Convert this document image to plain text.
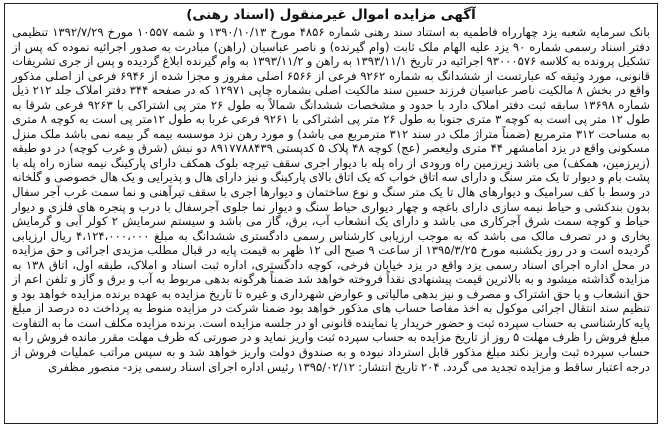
آگهی مزایده اموال غیرمنقول (اسناد رهنی)

بانک سرمایه شعبه یزد چهارراه فاطمیه به استناد سند رهنی شماره ۴۸۵۶ مورخ ۱۳۹۰/۱۰/۱۳ و شمه ۱۰۵۵۷ مورخ ۱۳۹۲/۷/۲۹ تنظیمی دفتر اسناد رسمی شماره ۹۰ یزد علیه الهام ملک ثابت (وام گیرنده) و ناصر عباسیان (راهن) مبادرت به صدور اجرائیه نموده که پس از تشکیل پرونده به کلاسه ۹۳۰۰۰۵۷۶ اجرائیه در تاریخ ۱۳۹۳/۱۱/۱ به راهن و ۱۳۹۳/۱۱/۲ به وام گیرنده ابلاغ گردیده و پس از جری تشریفات قانونی، مورد وثیقه که عبارتست از ششدانگ به شماره ۹۲۶۲ فرعی از ۶۵۶۶ اصلی مفروز و مجزا شده از ۶۹۴۶ فرعی از اصلی مذکور واقع در بخش ۸ مالکیت ناصر عباسیان فرزند حسین سند مالکیت اصلی بشماره چاپی ۱۲۹۷۱ که در صفحه ۳۴۴ دفتر املاک جلد ۲۱۲ ذیل شماره ۱۳۶۹۸ سابقه ثبت دفتر املاک دارد با حدود و مشخصات ششدانگ شمالاً به طول ۲۶ متر پی اشتراکی با ۹۲۶۳ فرعی شرقا به طول ۱۲ متر پی است به کوچه ۳ متری جنوبا به طول ۲۶ متر پی اشتراکی با ۹۲۶۱ فرعی غربا به طول ۱۲متر پی است به کوچه ۸ متری به مساحت ۳۱۲ مترمربع (ضمناً متراژ ملک در سند ۳۱۲ مترمربع می باشد) و مورد رهن نزد موسسه بیمه گر بیمه نمی باشد ملک منزل مسکونی واقع در یزد امامشهر ۴۴ متری ولیعصر (عج) کوچه ۴۸ پلاک ۵ کدپستی ۸۹۱۷۷۸۸۴۳۹ دو نبش (شرق و غرب کوچه) در دو طبقه (زیرزمین، همکف) می باشد زیرزمین راه ورودی از راه پله با دیوار اجری سقف تیرچه بلوک همکف دارای پارکینگ نیمه سازه راه پله با پشت بام و دیوار تا یک متر سنگ و دارای سه اتاق خواب که یک اتاق بالای پارکینگ و نیز دارای هال و پذیرایی و یک هال خصوصی و گلخانه در وسط با کف سرامیک و دیوارهای هال تا یک متر سنگ و نوع ساختمان و دیوارها اجری با سقف تیرآهنی و نما سمت غرب آجر سفال بدون بندکشی و حیاط نیمه سازی دارای باغچه و چهار دیواری حیاط سنگ و دیوار نما جلوی آجرسفال با درب و پنجره های فلزی و دیوار حیاط و کوچه سمت شرق آجرکاری می باشد و دارای یک انشعاب آب، برق، گاز می باشد و سیستم سرمایش ۲ کولر آبی و گرمایش بخاری و در تصرف مالک می باشد که به موجب ارزیابی کارشناس رسمی دادگستری ششدانگ به مبلغ ۴،۱۲۴،۰۰۰،۰۰۰ ریال ارزیابی گردیده است و در روز یکشنبه مورخ ۱۳۹۵/۳/۲۵ از ساعت ۹ صبح الی ۱۲ ظهر به قیمت پایه در قبال مطلب مزیدی اجرائی و حق مزایده در محل اداره اجرای اسناد رسمی یزد واقع در یزد خیابان فرخی، کوچه دادگستری، اداره ثبت اسناد و املاک، طبقه اول، اتاق ۱۳۸ به مزایده گذاشته میشود و به بالاترین قیمت پیشنهادی نقداً فروخته خواهد شد ضمناً هرگونه بدهی مربوط به آب و برق و گاز و تلفن اعم از حق انشعاب و یا حق اشتراک و مصرف و نیز بدهی مالیاتی و عوارض شهرداری و غیره تا تاریخ مزایده به عهده برنده مزایده خواهد بود و تنظیم سند انتقال اجرائی موکول به اخذ مفاصا حساب های مذکور خواهد بود ضمنا شرکت در مزایده منوط به پرداخت ده درصد از مبلغ پایه کارشناسی به حساب سپرده ثبت و حضور خریدار یا نماینده قانونی او در جلسه مزایده است. برنده مزایده مکلف است ما به التفاوت مبلغ فروش را ظرف مهلت ۵ روز از تاریخ مزایده به حساب سپرده ثبت واریز نماید و در صورتی که ظرف مهلت مقرر مانده فروش را به حساب سپرده ثبت واریز نکند مبلغ مذکور قابل استرداد نبوده و به صندوق دولت واریز خواهد شد و به سپس مراتب عملیات فروش از درجه اعتبار ساقط و مزایده تجدید می گردد. ۲۰۴ تاریخ انتشار: ۱۳۹۵/۰۲/۱۲ رئیس اداره اجرای اسناد رسمی یزد- منصور مظفری
